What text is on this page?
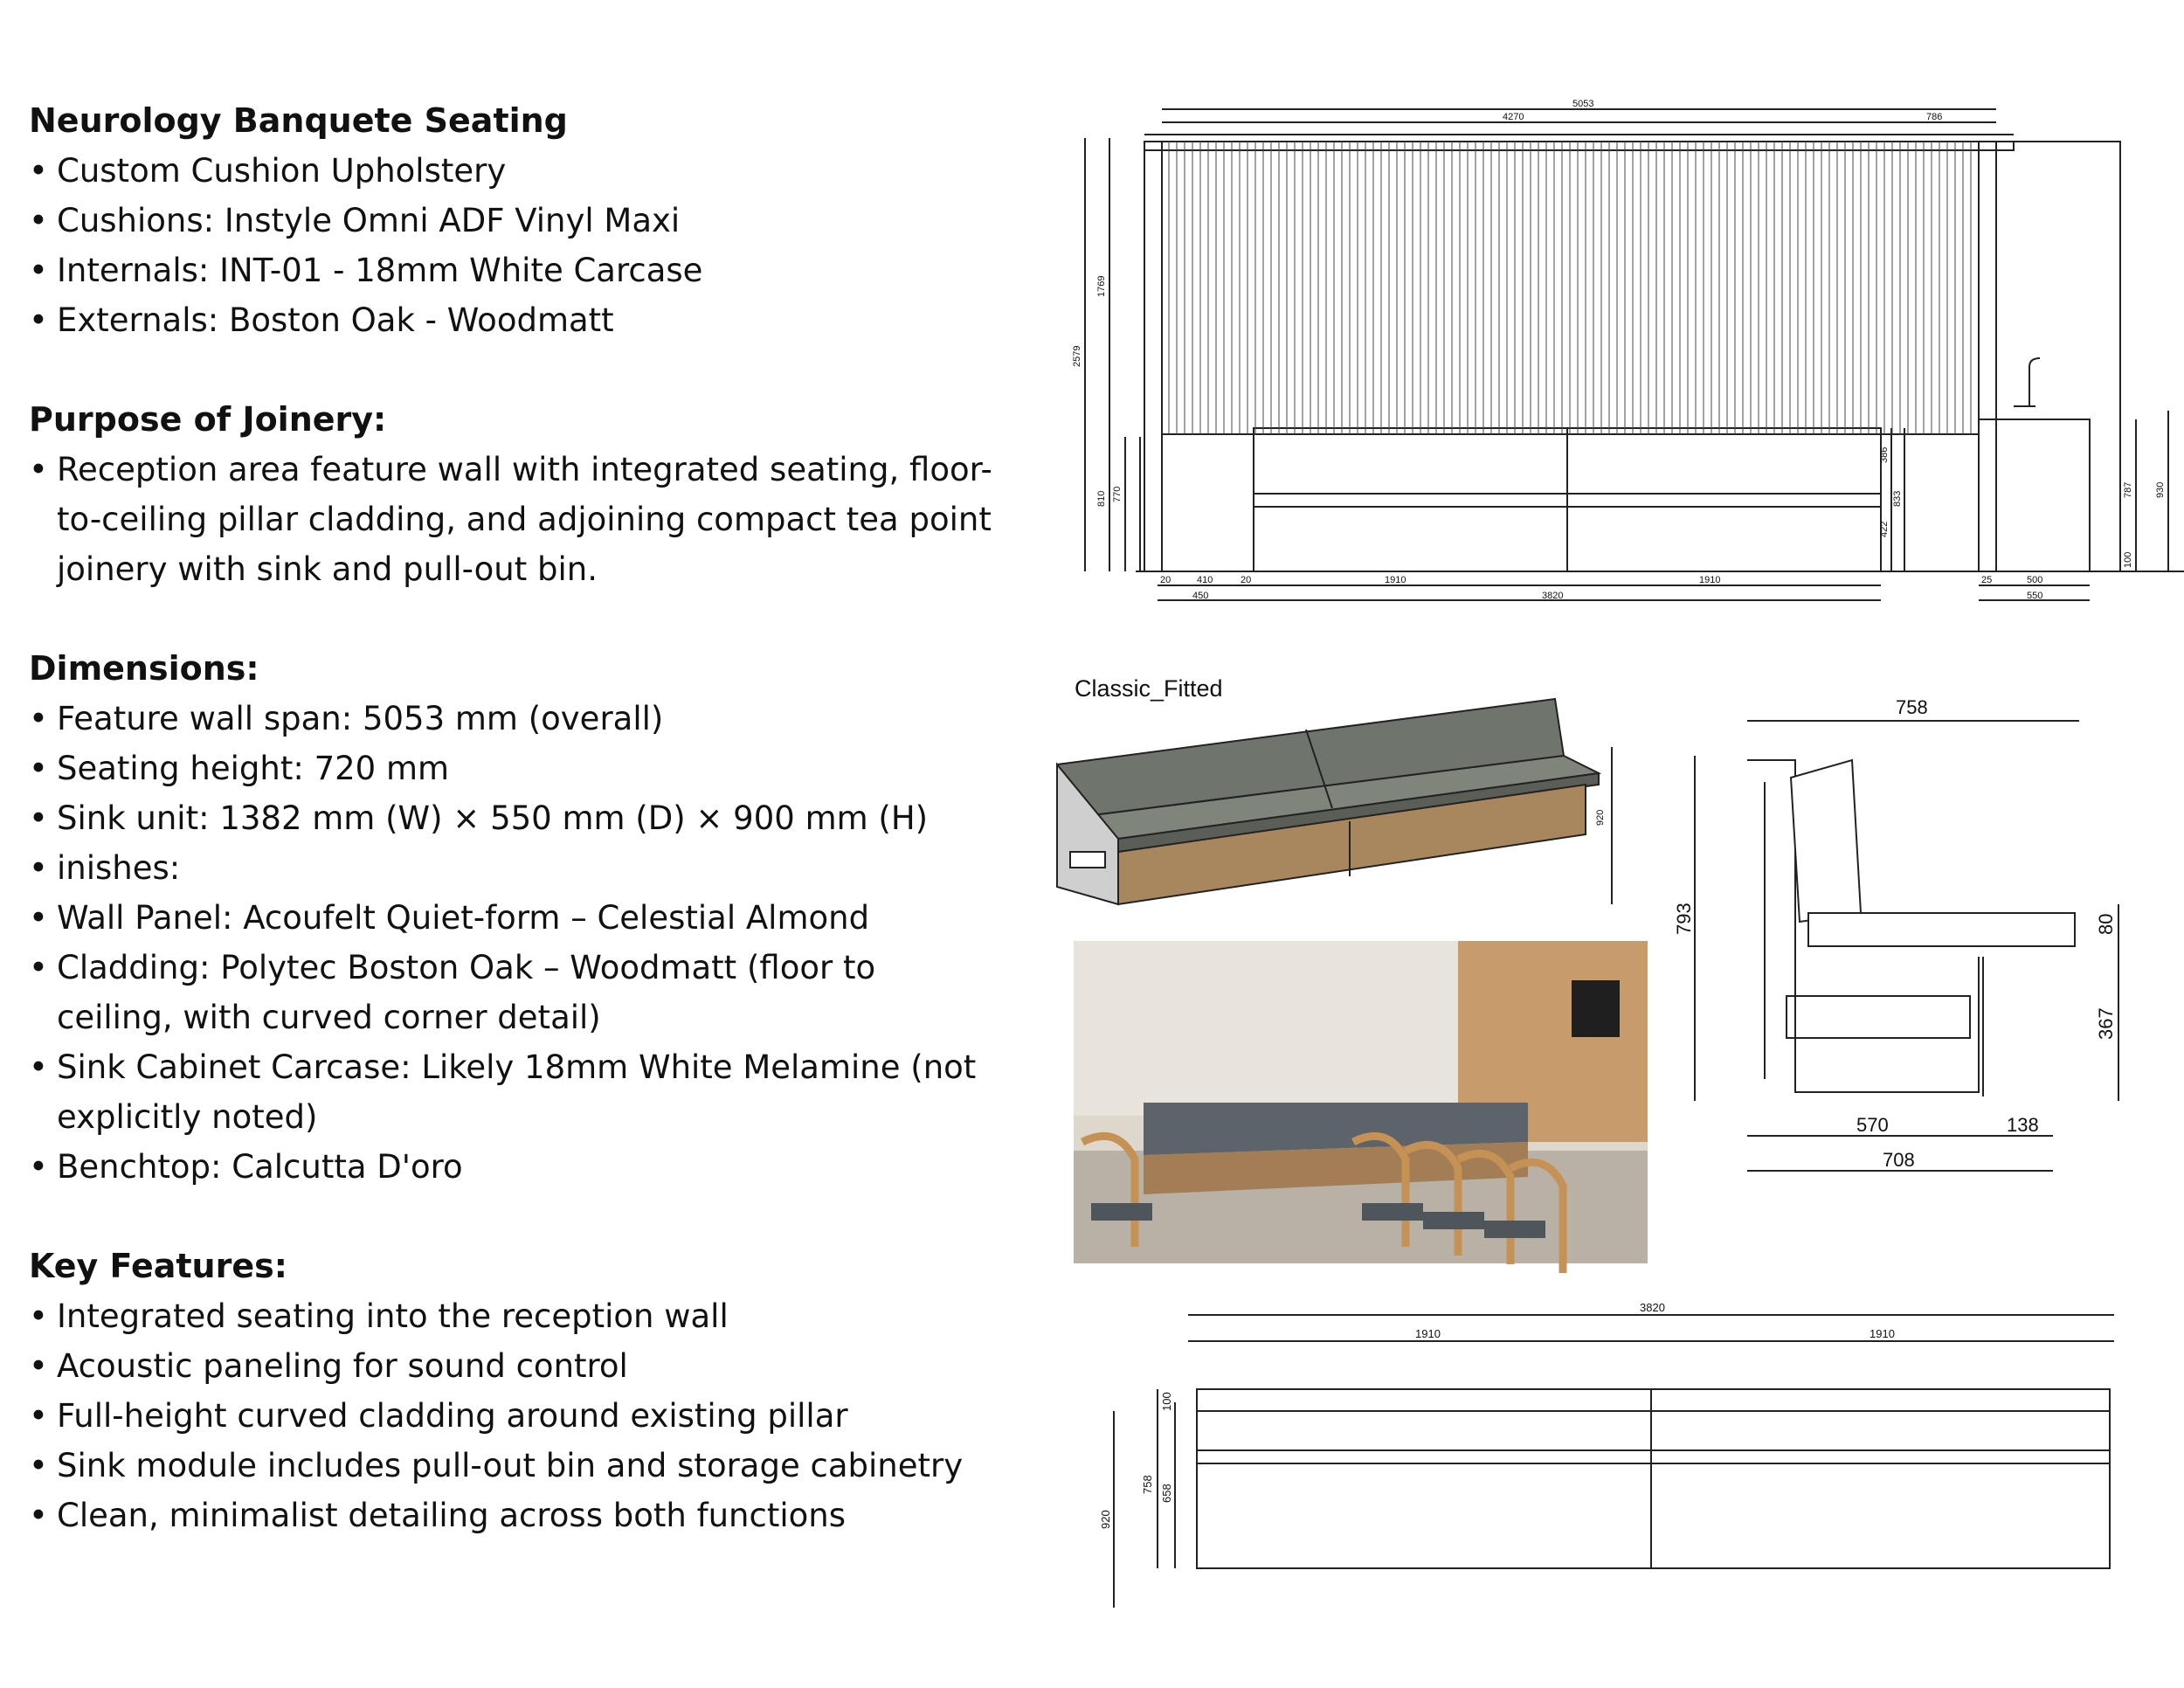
Neurology Banquete Seating

• Custom Cushion Upholstery
• Cushions: Instyle Omni ADF Vinyl Maxi
• Internals: INT-01 - 18mm White Carcase
• Externals: Boston Oak - Woodmatt

Purpose of Joinery:

• Reception area feature wall with integrated seating, floor-to-ceiling pillar cladding, and adjoining compact tea point joinery with sink and pull-out bin.

Dimensions:

• Feature wall span: 5053 mm (overall)
• Seating height: 720 mm
• Sink unit: 1382 mm (W) × 550 mm (D) × 900 mm (H)
• inishes:
• Wall Panel: Acoufelt Quiet-form – Celestial Almond
• Cladding: Polytec Boston Oak – Woodmatt (floor to ceiling, with curved corner detail)
• Sink Cabinet Carcase: Likely 18mm White Melamine (not explicitly noted)
• Benchtop: Calcutta D'oro

Key Features:

• Integrated seating into the reception wall
• Acoustic paneling for sound control
• Full-height curved cladding around existing pillar
• Sink module includes pull-out bin and storage cabinetry
• Clean, minimalist detailing across both functions
5053
4270	786
2579
1769
810 770
386
833
422
787 930
100
20	410	20	1910	1910	25	500
450	3820	550
Classic_Fitted
920
758
793	80
367
570	138
708
3820
1910	1910
920
758 658
100
